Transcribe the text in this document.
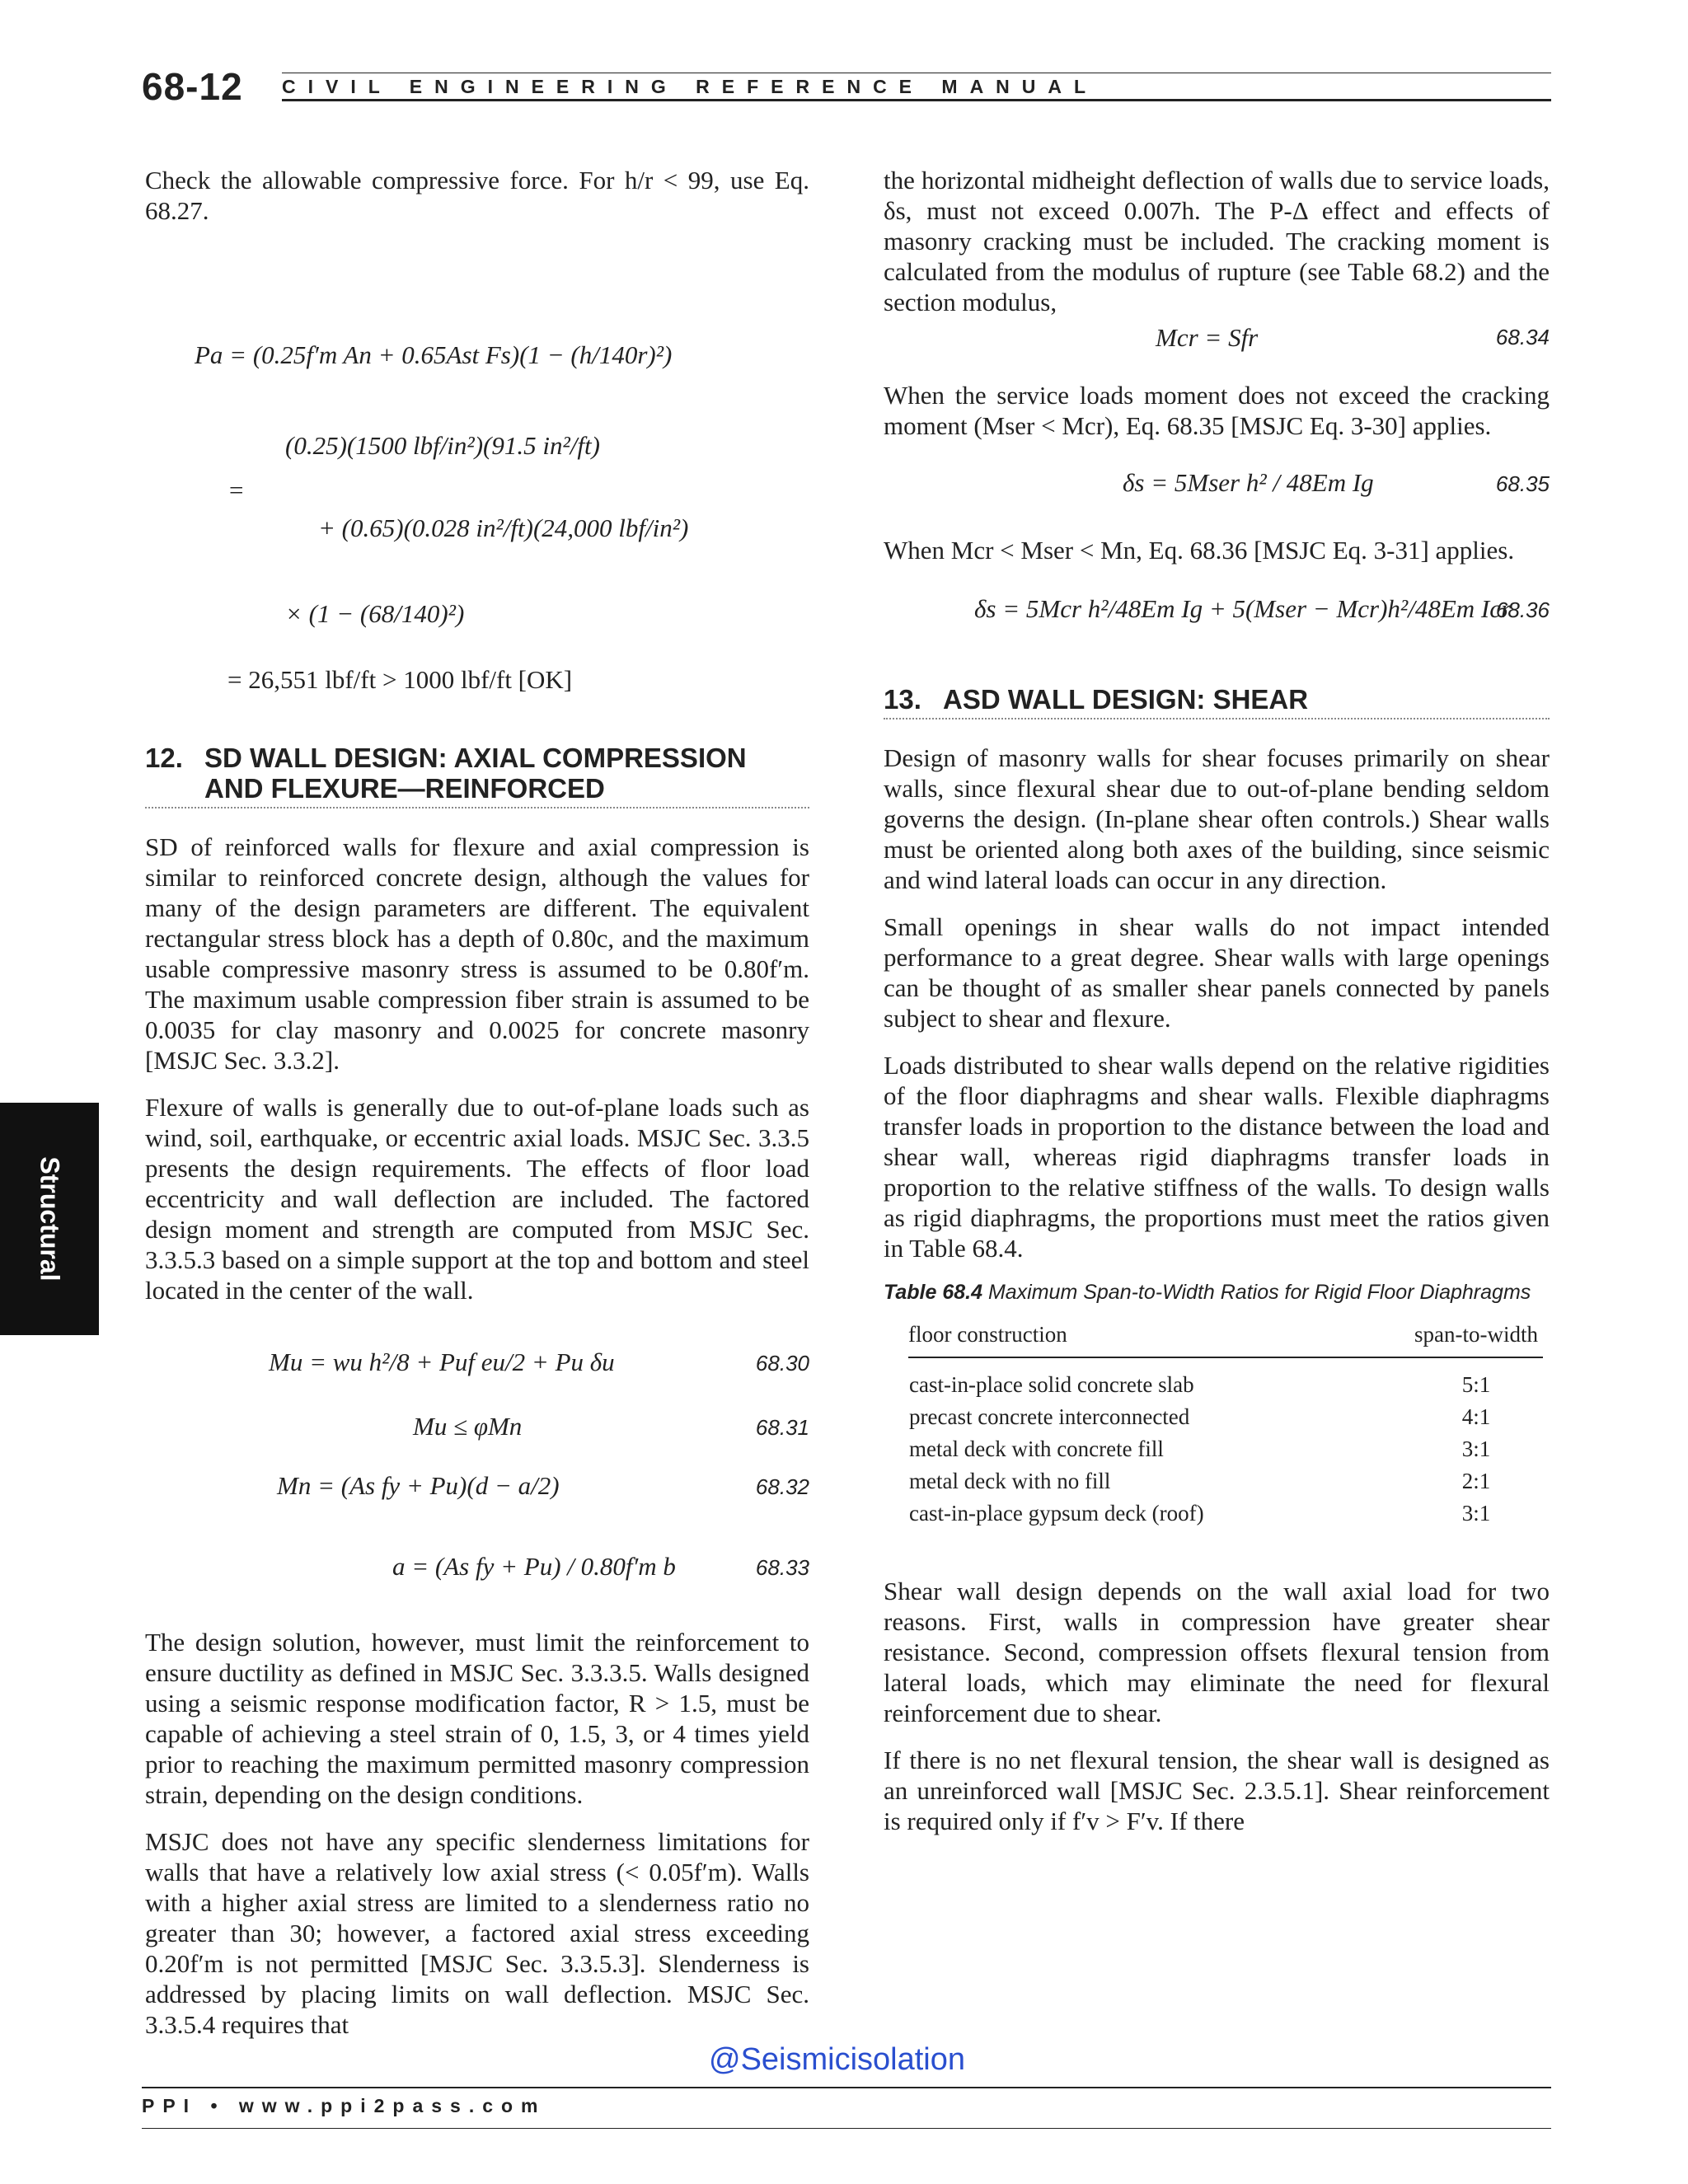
68-12 CIVIL ENGINEERING REFERENCE MANUAL
Structural

Check the allowable compressive force. For h/r < 99, use Eq. 68.27.

Pa = (0.25f′m An + 0.65Ast Fs)(1 − (h/140r)²)
(0.25)(1500 lbf/in²)(91.5 in²/ft)
=
+ (0.65)(0.028 in²/ft)(24,000 lbf/in²)
× (1 − (68/140)²)
= 26,551 lbf/ft > 1000 lbf/ft [OK]
12. SD WALL DESIGN: AXIAL COMPRESSION AND FLEXURE—REINFORCED

SD of reinforced walls for flexure and axial compression is similar to reinforced concrete design, although the values for many of the design parameters are different. The equivalent rectangular stress block has a depth of 0.80c, and the maximum usable compressive masonry stress is assumed to be 0.80f′m. The maximum usable compression fiber strain is assumed to be 0.0035 for clay masonry and 0.0025 for concrete masonry [MSJC Sec. 3.3.2].

Flexure of walls is generally due to out-of-plane loads such as wind, soil, earthquake, or eccentric axial loads. MSJC Sec. 3.3.5 presents the design requirements. The effects of floor load eccentricity and wall deflection are included. The factored design moment and strength are computed from MSJC Sec. 3.3.5.3 based on a simple support at the top and bottom and steel located in the center of the wall.

Mu = wu h²/8 + Puf eu/2 + Pu δu	68.30
Mu ≤ φMn	68.31
Mn = (As fy + Pu)(d − a/2)	68.32
a = (As fy + Pu) / 0.80f′m b	68.33

The design solution, however, must limit the reinforcement to ensure ductility as defined in MSJC Sec. 3.3.3.5. Walls designed using a seismic response modification factor, R > 1.5, must be capable of achieving a steel strain of 0, 1.5, 3, or 4 times yield prior to reaching the maximum permitted masonry compression strain, depending on the design conditions.

MSJC does not have any specific slenderness limitations for walls that have a relatively low axial stress (< 0.05f′m). Walls with a higher axial stress are limited to a slenderness ratio no greater than 30; however, a factored axial stress exceeding 0.20f′m is not permitted [MSJC Sec. 3.3.5.3]. Slenderness is addressed by placing limits on wall deflection. MSJC Sec. 3.3.5.4 requires that

the horizontal midheight deflection of walls due to service loads, δs, must not exceed 0.007h. The P-Δ effect and effects of masonry cracking must be included. The cracking moment is calculated from the modulus of rupture (see Table 68.2) and the section modulus,

Mcr = Sfr	68.34

When the service loads moment does not exceed the cracking moment (Mser < Mcr), Eq. 68.35 [MSJC Eq. 3-30] applies.

δs = 5Mser h² / 48Em Ig	68.35

When Mcr < Mser < Mn, Eq. 68.36 [MSJC Eq. 3-31] applies.

δs = 5Mcr h²/48Em Ig + 5(Mser − Mcr)h²/48Em Icr
68.36
13. ASD WALL DESIGN: SHEAR

Design of masonry walls for shear focuses primarily on shear walls, since flexural shear due to out-of-plane bending seldom governs the design. (In-plane shear often controls.) Shear walls must be oriented along both axes of the building, since seismic and wind lateral loads can occur in any direction.

Small openings in shear walls do not impact intended performance to a great degree. Shear walls with large openings can be thought of as smaller shear panels connected by panels subject to shear and flexure.

Loads distributed to shear walls depend on the relative rigidities of the floor diaphragms and shear walls. Flexible diaphragms transfer loads in proportion to the distance between the load and shear wall, whereas rigid diaphragms transfer loads in proportion to the relative stiffness of the walls. To design walls as rigid diaphragms, the proportions must meet the ratios given in Table 68.4.

Table 68.4 Maximum Span-to-Width Ratios for Rigid Floor Diaphragms
floor construction	span-to-width
cast-in-place solid concrete slab	5:1
precast concrete interconnected	4:1
metal deck with concrete fill	3:1
metal deck with no fill	2:1
cast-in-place gypsum deck (roof)	3:1

Shear wall design depends on the wall axial load for two reasons. First, walls in compression have greater shear resistance. Second, compression offsets flexural tension from lateral loads, which may eliminate the need for flexural reinforcement due to shear.

If there is no net flexural tension, the shear wall is designed as an unreinforced wall [MSJC Sec. 2.3.5.1]. Shear reinforcement is required only if f′v > F′v. If there

@Seismicisolation
PPI • www.ppi2pass.com
